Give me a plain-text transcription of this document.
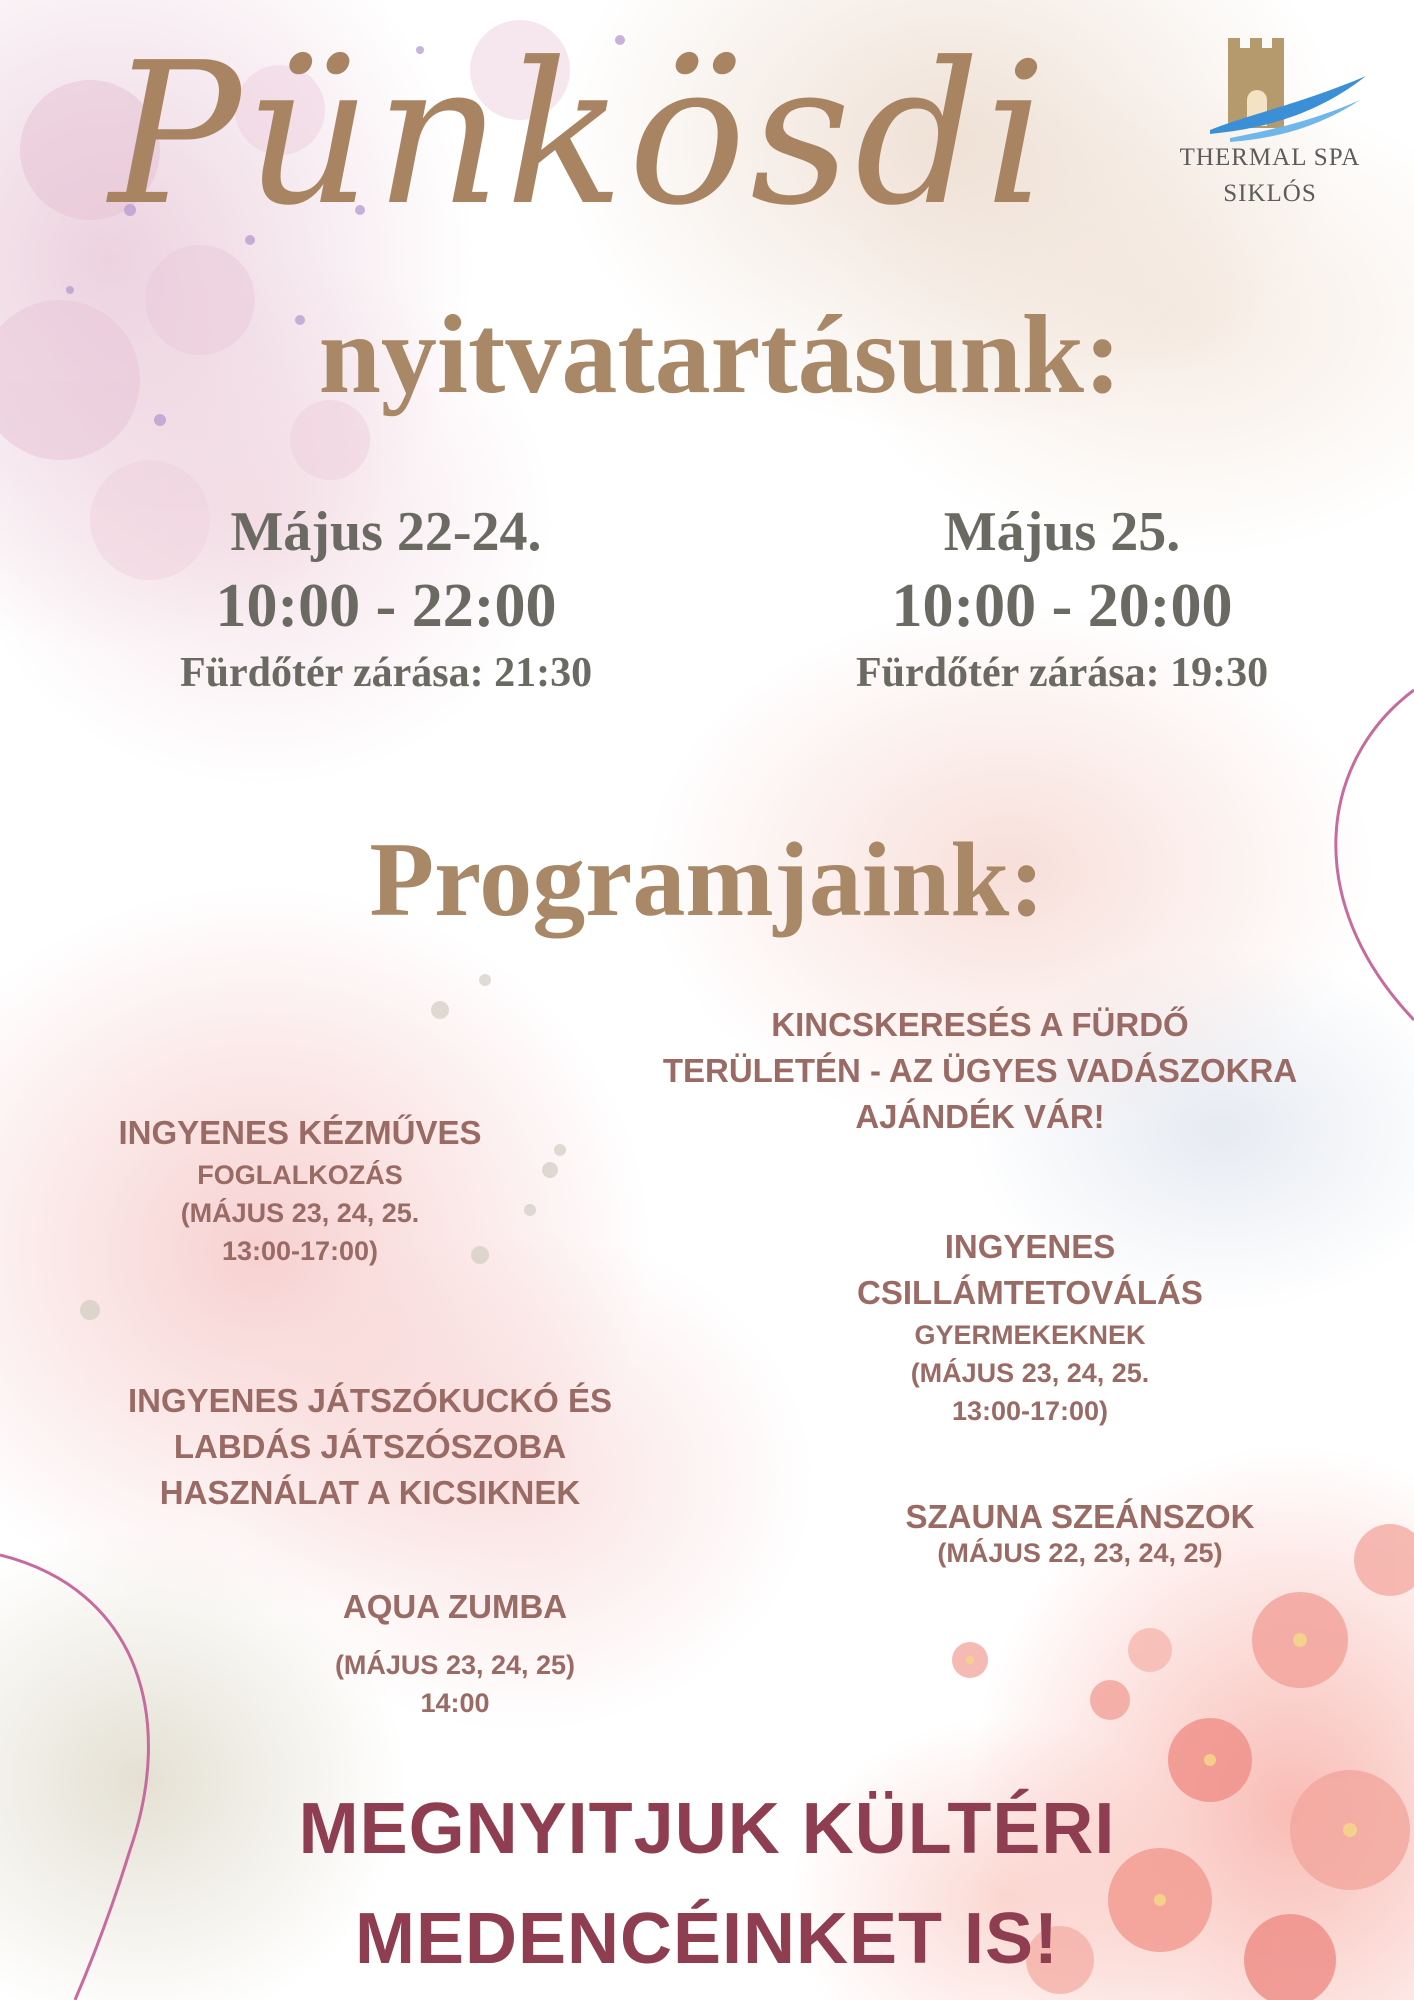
THERMAL SPA
SIKLÓS
Pünkösdi
nyitvatartásunk:
Május 22-24.
10:00 - 22:00
Fürdőtér zárása: 21:30
Május 25.
10:00 - 20:00
Fürdőtér zárása: 19:30
Programjaink:
INGYENES KÉZMŰVES
FOGLALKOZÁS
(MÁJUS 23, 24, 25.
13:00-17:00)
INGYENES JÁTSZÓKUCKÓ ÉS
LABDÁS JÁTSZÓSZOBA
HASZNÁLAT A KICSIKNEK
AQUA ZUMBA
(MÁJUS 23, 24, 25)
14:00
KINCSKERESÉS A FÜRDŐ
TERÜLETÉN - AZ ÜGYES VADÁSZOKRA
AJÁNDÉK VÁR!
INGYENES
CSILLÁMTETOVÁLÁS
GYERMEKEKNEK
(MÁJUS 23, 24, 25.
13:00-17:00)
SZAUNA SZEÁNSZOK
(MÁJUS 22, 23, 24, 25)
MEGNYITJUK KÜLTÉRI
MEDENCÉINKET IS!
